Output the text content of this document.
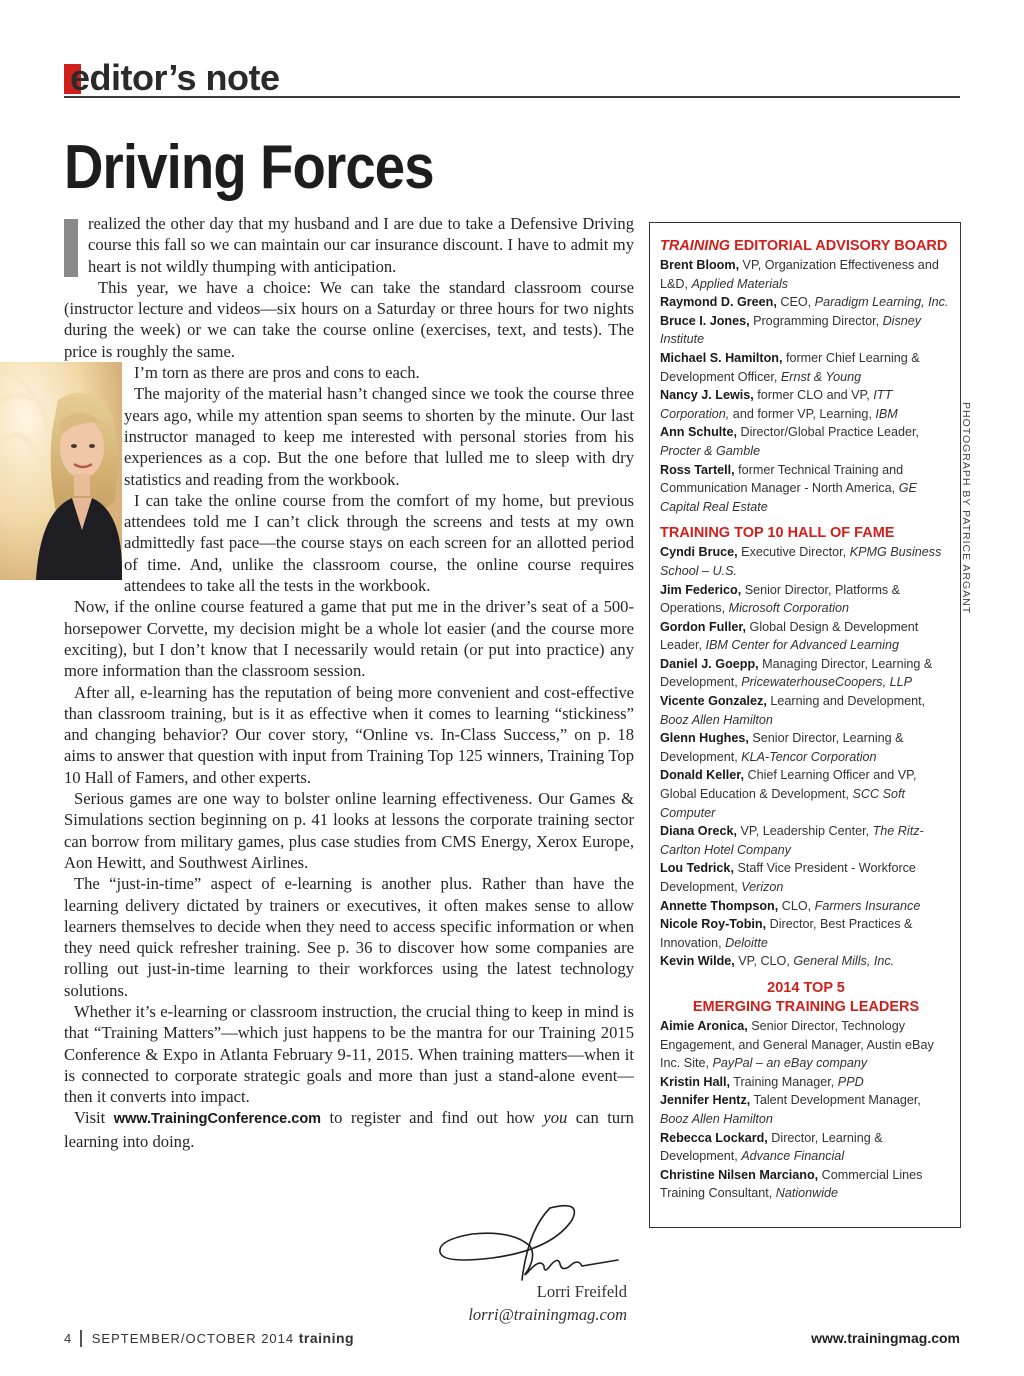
editor’s note
Driving Forces

realized the other day that my husband and I are due to take a Defensive Driving course this fall so we can maintain our car insurance discount. I have to admit my heart is not wildly thumping with anticipation.

This year, we have a choice: We can take the standard classroom course (instructor lecture and videos—six hours on a Saturday or three hours for two nights during the week) or we can take the course online (exercises, text, and tests). The price is roughly the same.

I’m torn as there are pros and cons to each.

The majority of the material hasn’t changed since we took the course three years ago, while my attention span seems to shorten by the minute. Our last instructor managed to keep me interested with personal stories from his experiences as a cop. But the one before that lulled me to sleep with dry statistics and reading from the workbook.

I can take the online course from the comfort of my home, but previous attendees told me I can’t click through the screens and tests at my own admittedly fast pace—the course stays on each screen for an allotted period of time. And, unlike the classroom course, the online course requires attendees to take all the tests in the workbook.

Now, if the online course featured a game that put me in the driver’s seat of a 500-horsepower Corvette, my decision might be a whole lot easier (and the course more exciting), but I don’t know that I necessarily would retain (or put into practice) any more information than the classroom session.

After all, e-learning has the reputation of being more convenient and cost-effective than classroom training, but is it as effective when it comes to learning “stickiness” and changing behavior? Our cover story, “Online vs. In-Class Success,” on p. 18 aims to answer that question with input from Training Top 125 winners, Training Top 10 Hall of Famers, and other experts.

Serious games are one way to bolster online learning effectiveness. Our Games & Simulations section beginning on p. 41 looks at lessons the corporate training sector can borrow from military games, plus case studies from CMS Energy, Xerox Europe, Aon Hewitt, and Southwest Airlines.

The “just-in-time” aspect of e-learning is another plus. Rather than have the learning delivery dictated by trainers or executives, it often makes sense to allow learners themselves to decide when they need to access specific information or when they need quick refresher training. See p. 36 to discover how some companies are rolling out just-in-time learning to their workforces using the latest technology solutions.

Whether it’s e-learning or classroom instruction, the crucial thing to keep in mind is that “Training Matters”—which just happens to be the mantra for our Training 2015 Conference & Expo in Atlanta February 9-11, 2015. When training matters—when it is connected to corporate strategic goals and more than just a stand-alone event—then it converts into impact.

Visit www.TrainingConference.com to register and find out how you can turn learning into doing.

Lorri Freifeld
lorri@trainingmag.com
TRAINING EDITORIAL ADVISORY BOARD
Brent Bloom, VP, Organization Effectiveness and L&D, Applied Materials
Raymond D. Green, CEO, Paradigm Learning, Inc.
Bruce I. Jones, Programming Director, Disney Institute
Michael S. Hamilton, former Chief Learning & Development Officer, Ernst & Young
Nancy J. Lewis, former CLO and VP, ITT Corporation, and former VP, Learning, IBM
Ann Schulte, Director/Global Practice Leader, Procter & Gamble
Ross Tartell, former Technical Training and Communication Manager - North America, GE Capital Real Estate
TRAINING TOP 10 HALL OF FAME
Cyndi Bruce, Executive Director, KPMG Business School – U.S.
Jim Federico, Senior Director, Platforms & Operations, Microsoft Corporation
Gordon Fuller, Global Design & Development Leader, IBM Center for Advanced Learning
Daniel J. Goepp, Managing Director, Learning & Development, PricewaterhouseCoopers, LLP
Vicente Gonzalez, Learning and Development, Booz Allen Hamilton
Glenn Hughes, Senior Director, Learning & Development, KLA-Tencor Corporation
Donald Keller, Chief Learning Officer and VP, Global Education & Development, SCC Soft Computer
Diana Oreck, VP, Leadership Center, The Ritz-Carlton Hotel Company
Lou Tedrick, Staff Vice President - Workforce Development, Verizon
Annette Thompson, CLO, Farmers Insurance
Nicole Roy-Tobin, Director, Best Practices & Innovation, Deloitte
Kevin Wilde, VP, CLO, General Mills, Inc.
2014 TOP 5
EMERGING TRAINING LEADERS
Aimie Aronica, Senior Director, Technology Engagement, and General Manager, Austin eBay Inc. Site, PayPal – an eBay company
Kristin Hall, Training Manager, PPD
Jennifer Hentz, Talent Development Manager, Booz Allen Hamilton
Rebecca Lockard, Director, Learning & Development, Advance Financial
Christine Nilsen Marciano, Commercial Lines Training Consultant, Nationwide
PHOTOGRAPH BY PATRICE ARGANT
4 SEPTEMBER/OCTOBER 2014 training	www.trainingmag.com
